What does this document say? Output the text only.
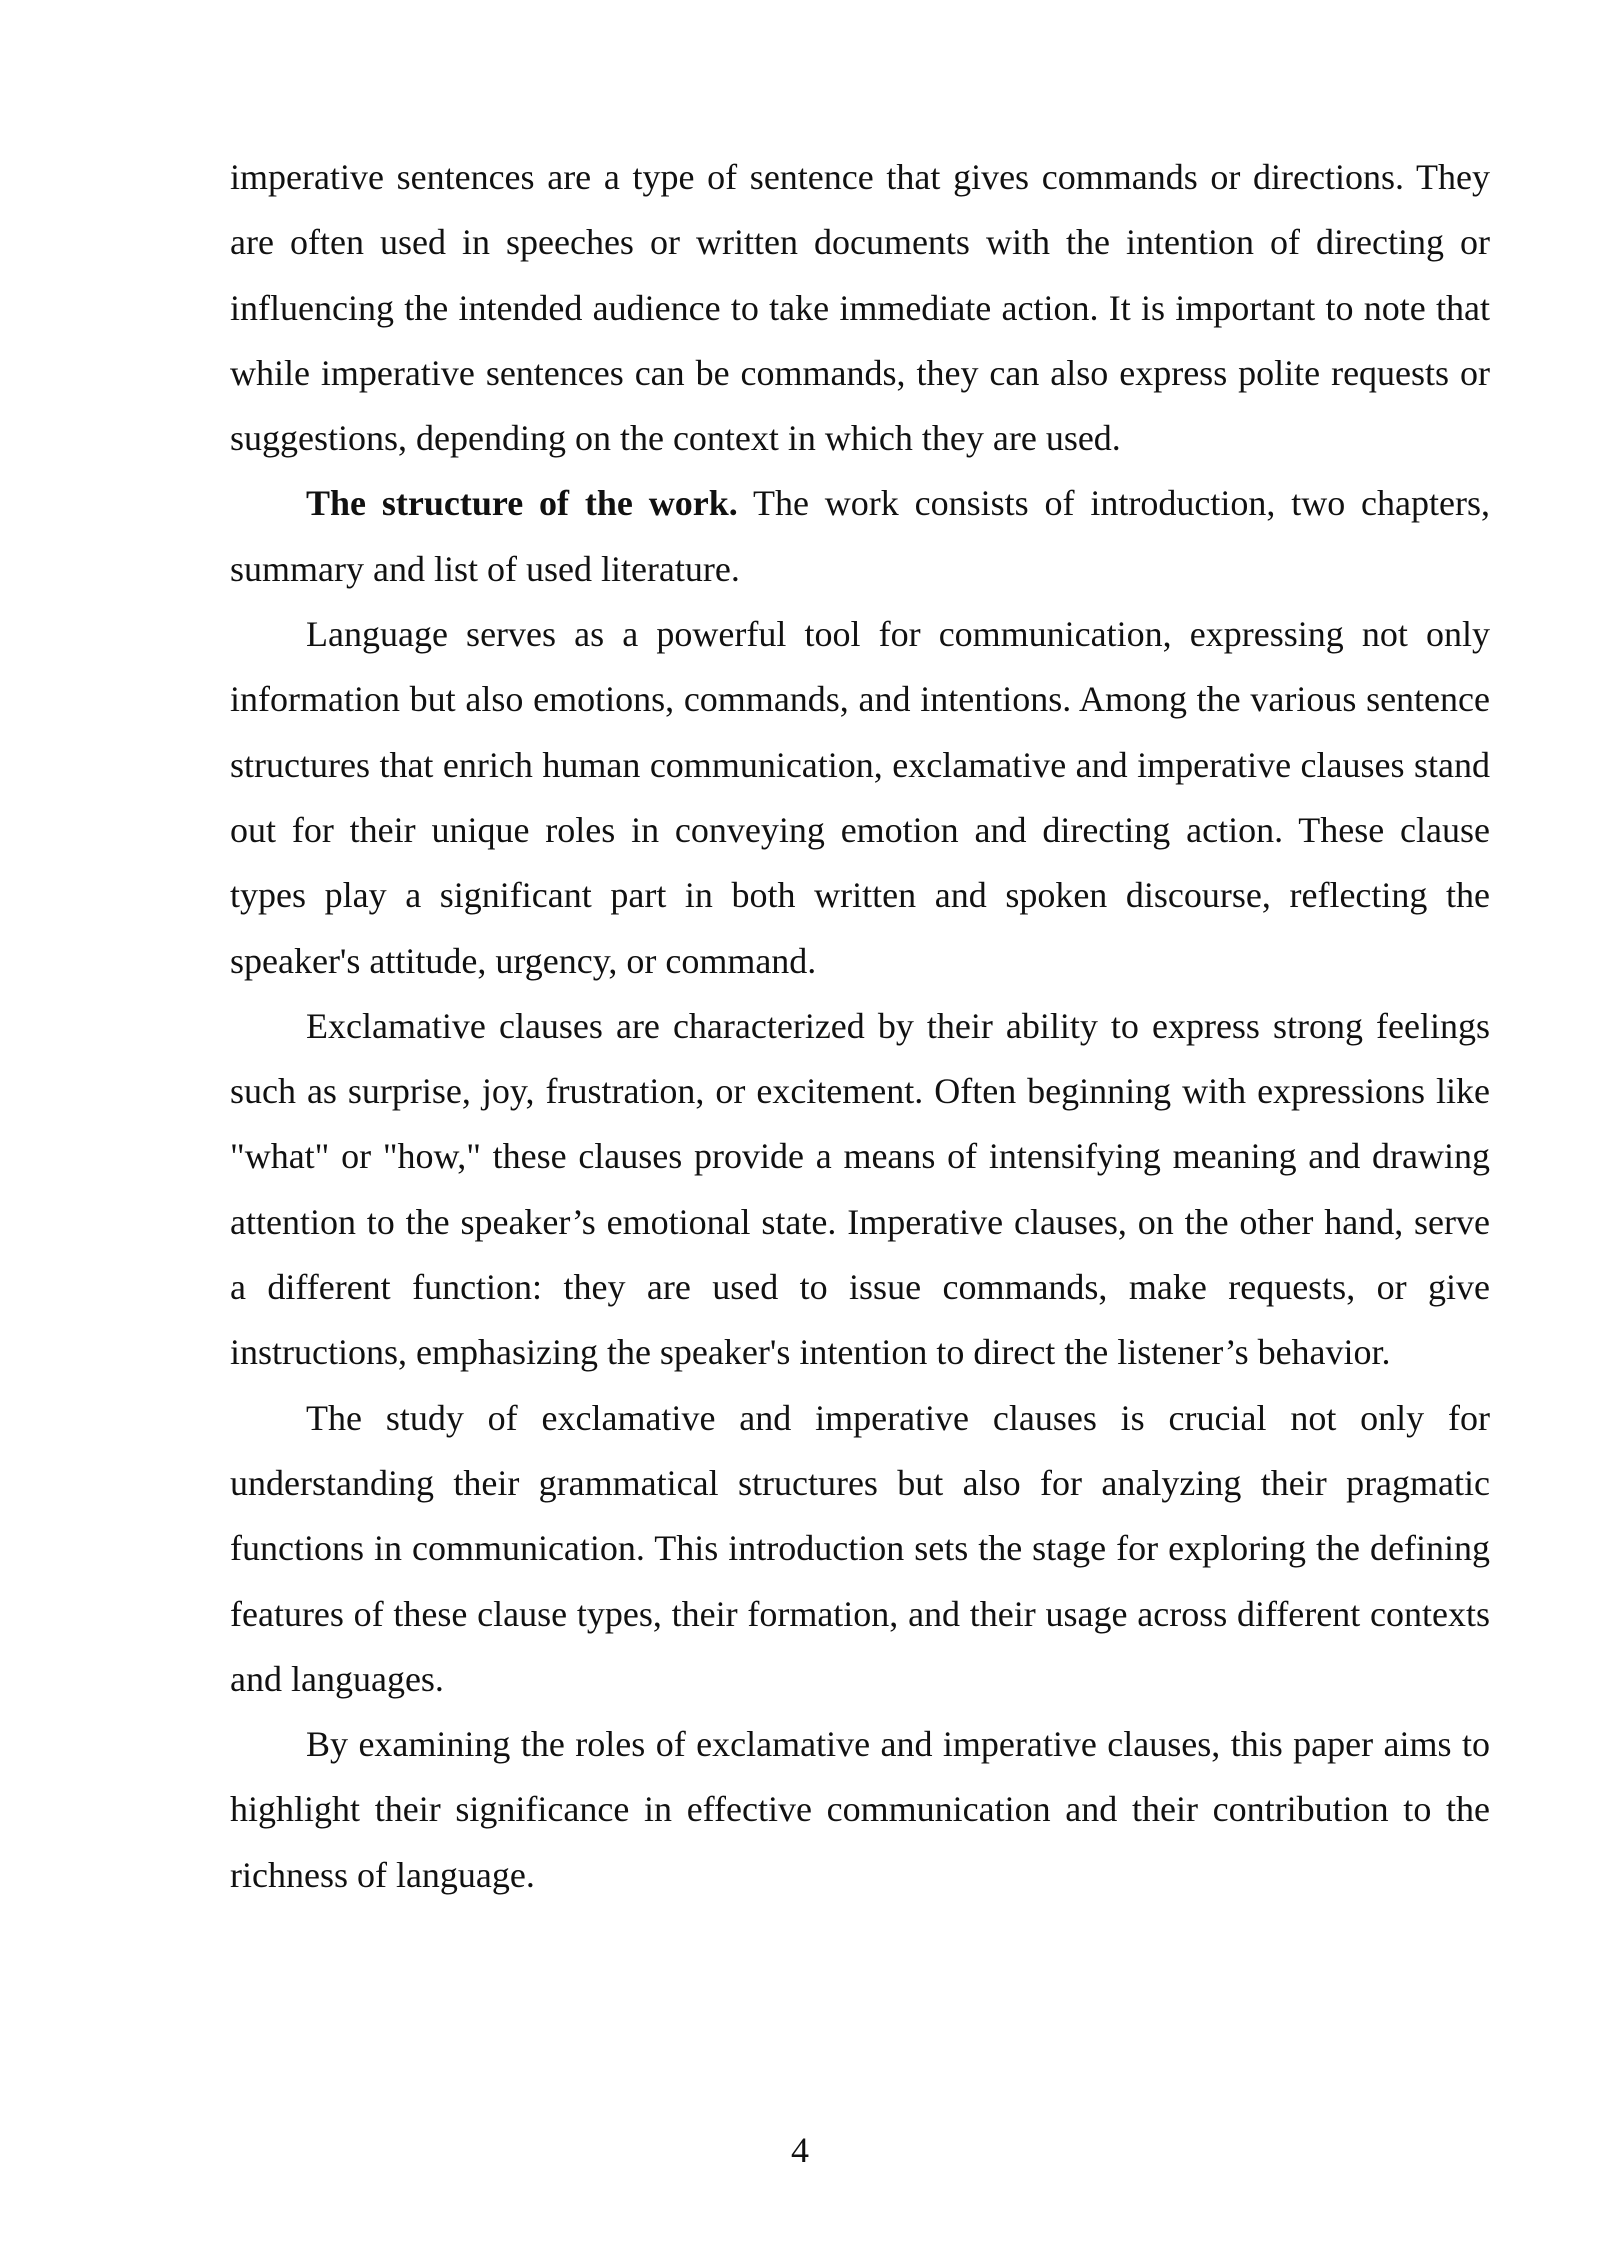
imperative sentences are a type of sentence that gives commands or directions. They are often used in speeches or written documents with the intention of directing or influencing the intended audience to take immediate action. It is important to note that while imperative sentences can be commands, they can also express polite requests or suggestions, depending on the context in which they are used.

The structure of the work. The work consists of introduction, two chapters, summary and list of used literature.

Language serves as a powerful tool for communication, expressing not only information but also emotions, commands, and intentions. Among the various sentence structures that enrich human communication, exclamative and imperative clauses stand out for their unique roles in conveying emotion and directing action. These clause types play a significant part in both written and spoken discourse, reflecting the speaker's attitude, urgency, or command.

Exclamative clauses are characterized by their ability to express strong feelings such as surprise, joy, frustration, or excitement. Often beginning with expressions like "what" or "how," these clauses provide a means of intensifying meaning and drawing attention to the speaker’s emotional state. Imperative clauses, on the other hand, serve a different function: they are used to issue commands, make requests, or give instructions, emphasizing the speaker's intention to direct the listener’s behavior.

The study of exclamative and imperative clauses is crucial not only for understanding their grammatical structures but also for analyzing their pragmatic functions in communication. This introduction sets the stage for exploring the defining features of these clause types, their formation, and their usage across different contexts and languages.

By examining the roles of exclamative and imperative clauses, this paper aims to highlight their significance in effective communication and their contribution to the richness of language.

4
